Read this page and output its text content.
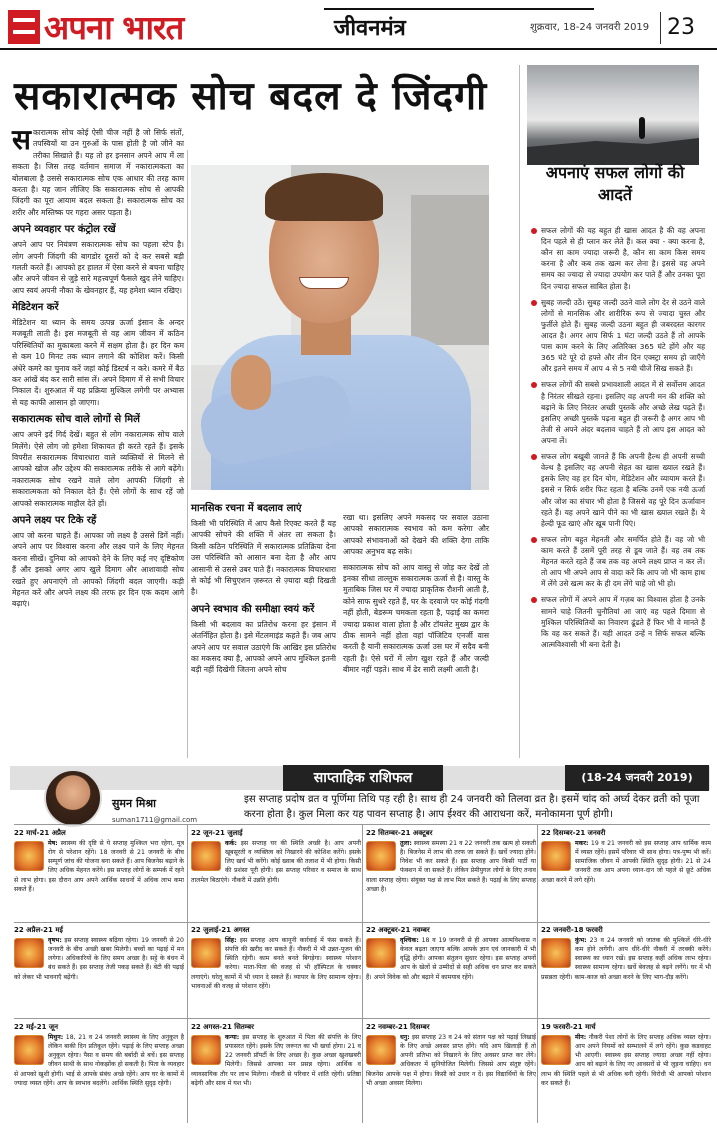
अपना भारत	जीवनमंत्र	शुक्रवार, 18-24 जनवरी 2019 23
सकारात्मक सोच बदल दे जिंदगी

सकारात्मक सोच कोई ऐसी चीज नहीं है जो सिर्फ संतों, तपस्वियों या उन गुरुओं के पास होती है जो जीने का तरीका सिखाते हैं। यह तो हर इनसान अपने आप में ला सकता है। जिस तरह वर्तमान समाज में नकारात्मकता का बोलबाला है उससे सकारात्मक सोच एक आधार की तरह काम करता है। यह जान लीजिए कि सकारात्मक सोच से आपकी जिंदगी का पूरा आयाम बदल सकता है। सकारात्मक सोच का शरीर और मस्तिष्क पर गहरा असर पड़ता है।

अपने व्यवहार पर कंट्रोल रखें

अपने आप पर नियंत्रण सकारात्मक सोच का पहला स्टेप है। लोग अपनी जिंदगी की बागडोर दूसरों को दे कर सबसे बड़ी गलती करते हैं। आपको हर हालत में ऐसा करने से बचना चाहिए और अपने जीवन से जुड़े सारे महत्त्वपूर्ण फैसले खुद लेने चाहिए। आप स्वयं अपनी नौका के खेवनहार हैं, यह हमेशा ध्यान रखिए।

मेडिटेशन करें

मेडिटेशन या ध्यान के समय उत्पन्न ऊर्जा इंसान के अन्दर मजबूती लाती है। इस मजबूती से वह आम जीवन में कठिन परिस्थितियों का मुकाबला करने में सक्षम होता है। हर दिन कम से कम 10 मिनट तक ध्यान लगाने की कोशिश करें। किसी अंधेरे कमरे का चुनाव करें जहां कोई डिस्टर्ब न करे। कमरे में बैठ कर आंखें बंद कर सारी सांस लें। अपने दिमाग में से सभी विचार निकाल दें। शुरुआत में यह प्रक्रिया मुश्किल लगेगी पर अभ्यास से यह काफी आसान हो जाएगा।

सकारात्मक सोच वाले लोगों से मिलें

आप अपने इर्द गिर्द देखें। बहुत से लोग नकारात्मक सोच वाले मिलेंगे। ऐसे लोग जो हमेशा शिकायत ही करते रहते हैं। इसके विपरीत सकारात्मक विचारधारा वाले व्यक्तियों से मिलने से आपको खोज और उद्देश्य की सकारात्मक तरीके से आगे बढ़ेंगे। नकारात्मक सोच रखने वाले लोग आपकी जिंदगी से सकारात्मकता को निकाल देते हैं। ऐसे लोगों के साथ रहें जो आपको सकारात्मक माहौल देते हों।

अपने लक्ष्य पर टिके रहें

आप जो करना चाहते हैं। आपका जो लक्ष्य है उससे डिगें नहीं। अपने आप पर विश्वास करना और लक्ष्य पाने के लिए मेहनत करना सीखें। दुनिया को आपको देने के लिए कई नए दृष्टिकोण हैं और इसको अगर आप खुले दिमाग और आशावादी सोच रखते हुए अपनाएंगे तो आपको जिंदगी बदल जाएगी। कड़ी मेहनत करें और अपने लक्ष्य की तरफ हर दिन एक कदम आगे बढ़ाएं।

मानसिक रचना में बदलाव लाएं

किसी भी परिस्थिति में आप कैसे रिएक्ट करते हैं यह आपकी सोचने की शक्ति में अंतर ला सकता है। किसी कठिन परिस्थिति में सकारात्मक प्रतिक्रिया देना उस परिस्थिति को आसान बना देता है और आप आसानी से उससे उबर पाते हैं। नकारात्मक विचारधारा से कोई भी सिचुएशन ज़रूरत से ज़्यादा बड़ी दिखती है।

अपने स्वभाव की समीक्षा स्वयं करें

किसी भी बदलाव का प्रतिरोध करना हर इंसान में अंतर्निहित होता है। इसे मेंटलमाइंड कहते हैं। जब आप अपने आप पर सवाल उठाएंगे कि आखिर इस प्रतिरोध का मकसद क्या है, आपको अपने आप मुश्किल इतनी बड़ी नहीं दिखेगी जितना अपने सोच

रखा था। इसलिए अपने मकसद पर सवाल उठाना आपको सकारात्मक स्वभाव को कम करेगा और आपको संभावनाओं को देखने की शक्ति देगा ताकि आपका अनुभव बढ़ सके।

सकारात्मक सोच को आप वास्तु से जोड़ कर देखें तो इनका सीधा ताल्लुक सकारात्मक ऊर्जा से है। वास्तु के मुताबिक जिस घर में ज्यादा प्राकृतिक रौशनी आती है, कोने साफ सुथरे रहते हैं, घर के दरवाजे पर कोई गंदगी नहीं होती, बेडरूम चमकता रहता है, पढ़ाई का कमरा ज्यादा प्रकाश वाला होता है और टॉयलेट मुख्य द्वार के ठीक सामने नहीं होता वहां पॉजिटिव एनर्जी वास करती है यानी सकारात्मक ऊर्जा उस घर में सदैव बनी रहती है। ऐसे घरों में लोग खुश रहते हैं और जल्दी बीमार नहीं पड़ते। साथ में ढेर सारी लक्ष्मी आती है।

अपनाएं सफल लोगों की आदतें
सफल लोगों की यह बहुत ही खास आदत है की वह अपना दिन पहले से ही प्लान कर लेते हैं। कल क्या - क्या करना है, कौन सा काम ज्यादा जरूरी है, कौन सा काम किस समय करना है और कब तक खत्म कर लेना है। इससे वह अपने समय का ज्यादा से ज्यादा उपयोग कर पाते हैं और उनका पूरा दिन ज्यादा सफल साबित होता है।
सुबह जल्दी उठें। सुबह जल्दी उठने वाले लोग देर से उठने वाले लोगों से मानसिक और शारीरिक रूप से ज्यादा चुस्त और फुर्तीले होते हैं। सुबह जल्दी उठना बहुत ही जबरदस्त कारगर आदत है। अगर आप सिर्फ 1 घंटा जल्दी उठते हैं तो आपके पास काम करने के लिए अतिरिक्त 365 घंटे होंगे और यह 365 घंटे पूरे दो हफ्ते और तीन दिन एक्स्ट्रा समय हो जाएँगे और इतने समय में आप 4 से 5 नयी चीजें सिख सकते हैं।
सफल लोगों की सबसे प्रभावशाली आदत में से सर्वोत्तम आदत है निरंतर सीखते रहना। इसलिए वह अपनी मन की शक्ति को बढ़ाने के लिए निरंतर अच्छी पुस्तकें और अच्छे लेख पढ़ते हैं। इसलिए अच्छी पुस्तकें पढ़ना बहुत ही जरूरी है अगर आप भी तेजी से अपने अंदर बदलाव चाहते हैं तो आप इस आदत को अपना लें।
सफल लोग बखूबी जानते हैं कि अपनी हैल्थ ही अपनी सच्ची वेल्थ है इसलिए वह अपनी सेहत का खास ख्याल रखते हैं। इसके लिए वह हर दिन योग, मेडिटेशन और व्यायाम करते हैं। इससे न सिर्फ शरीर फिट रहता है बल्कि उनमें एक नयी ऊर्जा और जोश का संचार भी होता है जिससे वह पूरे दिन ऊर्जावान रहते हैं। यह अपने खाने पीने का भी खास ख्याल रखते हैं। ये हेल्दी फूड खाएं और खूब पानी पिएं।
सफल लोग बहुत मेहनती और समर्पित होते हैं। वह जो भी काम करते हैं उसमें पूरी तरह से डूब जाते हैं। वह तब तक मेहनत करते रहते हैं जब तक वह अपने लक्ष्य प्राप्त न कर लें। तो आप भी अपने आप से वादा करें कि आप जो भी काम हाथ में लेंगे उसे खत्म कर के ही दम लेंगे चाहे जो भी हो।
सफल लोगों में अपने आप में गज़ब का विश्वास होता है उनके सामने चाहे जितनी चुनौतियां आ जाएं वह पहले दिमाग़ से मुश्किल परिस्थितियों का निवारण ढूंढते हैं फिर भी वे मानते हैं कि वह कर सकते हैं। यही आदत उन्हें न सिर्फ सफल बल्कि आत्मविश्वासी भी बना देती है।
साप्ताहिक राशिफल	(18-24 जनवरी 2019)
सुमन मिश्रा
suman1711@gmail.com
इस सप्ताह प्रदोष व्रत व पूर्णिमा तिथि पड़ रही है। साथ ही 24 जनवरी को तिलवा व्रत है। इसमें चांद को अर्घ्य देकर व्रती को पूजा करना होता है। कुल मिला कर यह पावन सप्ताह है। आप ईश्वर की आराधना करें, मनोकामना पूर्ण होगी।
22 मार्च-21 अप्रैल
मेष: स्वास्थ्य की दृष्टि से ये सप्ताह मुश्किल भरा रहेगा, मूत्र रोग से परेशान रहेंगे। 18 जनवरी से 21 जनवरी के बीच सम्पूर्ण जांच की योजना बना सकते हैं। आप बिजनेस बढ़ाने के लिए अधिक मेहनत करेंगे। इस सप्ताह लोगों के सम्पर्क में रहने से लाभ होगा। इस दौरान आप अपने आर्थिक साधनों में अधिक लाभ कमा सकते हैं।
22 जून-21 जुलाई
कर्क: इस सप्ताह घर की स्थिति अच्छी है। आप अपनी खूबसूरती व व्यक्तित्व को निखारने की कोशिश करेंगे। इसके लिए खर्च भी करेंगे। कोई ख्वाब की तलाश में भी होगा। किसी की प्रशंसा पूरी होगी। इस सप्ताह परिवार व समाज के साथ तालमेल बिठाएंगे। नौकरी में उन्नति होगी।
22 सितम्बर-21 अक्टूबर
तुला: स्वास्थ्य समस्या 21 व 22 जनवरी तक खत्म हो सकती है। बिजनेस में लाभ की तरफ जा सकते हैं। खर्चे ज्यादा होंगे। निवेश भी कर सकते हैं। इस सप्ताह आप किसी पार्टी या फंक्शन में जा सकते हैं। लेकिन प्रेमीयुगल लोगों के लिए तनाव वाला सप्ताह रहेगा। संयुक्त पक्ष से लाभ मिल सकते हैं। पढ़ाई के लिए सप्ताह अच्छा है।
22 दिसम्बर-21 जनवरी
मकर: 19 व 21 जनवरी को इस सप्ताह आप धार्मिक काम में व्यस्त रहेंगे। इसमें परिवार भी साथ होगा। पत्र-पुष्प भी करें। सामाजिक जीवन में आपकी स्थिति सुदृढ़ होगी। 21 से 24 जनवरी तक आप अपना ध्यान-दान जो पहले से छूटे अधिक अच्छा करने में लगे रहेंगे।
22 अप्रैल-21 मई
वृषभ: इस सप्ताह स्वास्थ्य बढ़िया रहेगा। 19 जनवरी से 20 जनवरी के बीच अच्छी खबर मिलेगी। बच्चों का पढ़ाई में मन लगेगा। अधिकारियों के लिए समय अच्छा है। सट्टे के बंधन में बंध सकते हैं। इस सप्ताह तेजी पकड़ सकते हैं। बेटी की पढ़ाई को लेकर भी भावनाएँ बढ़ेंगी।
22 जुलाई-21 अगस्त
सिंह: इस सप्ताह आप कानूनी कार्रवाई में फंस सकते हैं। संपत्ति की खरीद कर सकते हैं। नौकरी में भी उन्नत-पूजन की स्थिति रहेगी। काम बनते बनते बिगड़ेगा। स्वास्थ्य परेशान करेगा। माता-पिता की वजह से भी हॉस्पिटल के चक्कर लगाएंगे। घरेलू कामों में भी ध्यान दे सकते हैं। व्यापार के लिए सामान्य रहेगा। भावनाओं की वजह से परेशान रहेंगे।
22 अक्टूबर-21 नवम्बर
वृश्चिक: 18 व 19 जनवरी से ही आपका आत्मविश्वास न केवल बढ़ता जाएगा बल्कि आपके ज्ञान एवं जानकारी में भी वृद्धि होगी। आपका संतुलन सुधार रहेगा। इस सप्ताह अपनों आप के खेलों से उम्मीदों से सही अधिक धन प्राप्त कर सकते हैं। अपने विवेक को और बढ़ाने में कामयाब रहेंगे।
22 जनवरी-18 फरवरी
कुंभ: 23 व 24 जनवरी को जातक की मुश्किलें धीरे-धीरे कम होने लगेंगी। आप धीरे-धीरे नौकरी में तरक्की करेंगे। स्वास्थ्य का ध्यान रखें। इस सप्ताह कहीं अधिक लाभ रहेगा। स्वास्थ्य सामान्य रहेगा। खर्चे बेवजह से बढ़ने लगेंगे। घर में भी प्रसन्नता रहेगी। काम-काज को अच्छा करने के लिए भाग-दौड़ करेंगे।
22 मई-21 जून
मिथुन: 18, 21 व 24 जनवरी स्वास्थ्य के लिए अनुकूल है लेकिन बाकी दिन प्रतिकूल रहेंगे। पढ़ाई के लिए सप्ताह अच्छा अनुकूल रहेगा। पैसा व समय की बर्बादी से बचें। इस सप्ताह जीवन साथी के साथ नोकझोंक हो सकती है। पिता के व्यवहार से आपको खुशी होगी। भाई से आपके संबंध अच्छे रहेंगे। आप घर के कामों में ज्यादा व्यस्त रहेंगे। आप के स्वभाव बदलेंगे। आर्थिक स्थिति सुदृढ़ रहेगी।
22 अगस्त-21 सितम्बर
कन्या: इस सप्ताह के शुरुआत में पिता की संपत्ति के लिए प्रयासरत रहेंगे। इसके लिए जरूरत का भी खर्चा होगा। 21 व 22 जनवरी प्रॉपर्टी के लिए अच्छा है। कुछ अच्छा खुशखबरी मिलेगी। जिससे आपका मन प्रसन्न रहेगा। आर्थिक व व्यावसायिक तौर पर लाभ मिलेगा। नौकरी से परिवार में शांति रहेगी। प्रतिष्ठा बढ़ेगी और साथ में यश भी।
22 नवम्बर-21 दिसम्बर
धनु: इस सप्ताह 23 व 24 को संतान पक्ष को पढ़ाई लिखाई के लिए अच्छे अवसर प्राप्त होंगे। यदि आप खिलाड़ी हैं तो अपनी प्रतिभा को निखारने के लिए अवसर प्राप्त कर लेंगे। अधिकतर में सुनियोजित मिलेगी। जिससे आप संतुष्ट रहेंगे। बिजनेस आपके पक्ष में होगा। किसी को उधार न दें। इस विद्यार्थियों के लिए भी अच्छा अवसर मिलेगा।
19 फरवरी-21 मार्च
मीन: नौकरी पेशा लोगों के लिए सप्ताह अधिक व्यस्त रहेगा। आप अपने नियमों को सम्भालने में लगे रहेंगे। कुछ कडवाहट भी आएगी। स्वास्थ्य इस सप्ताह ज्यादा अच्छा नहीं रहेगा। आप को बढ़ाने के लिए नए आवसरों से भी जुड़ना चाहिए। धन लाभ की स्थिति पहले से भी अधिक बनी रहेगी। विरोधी भी आपको परेशान कर सकते हैं।
